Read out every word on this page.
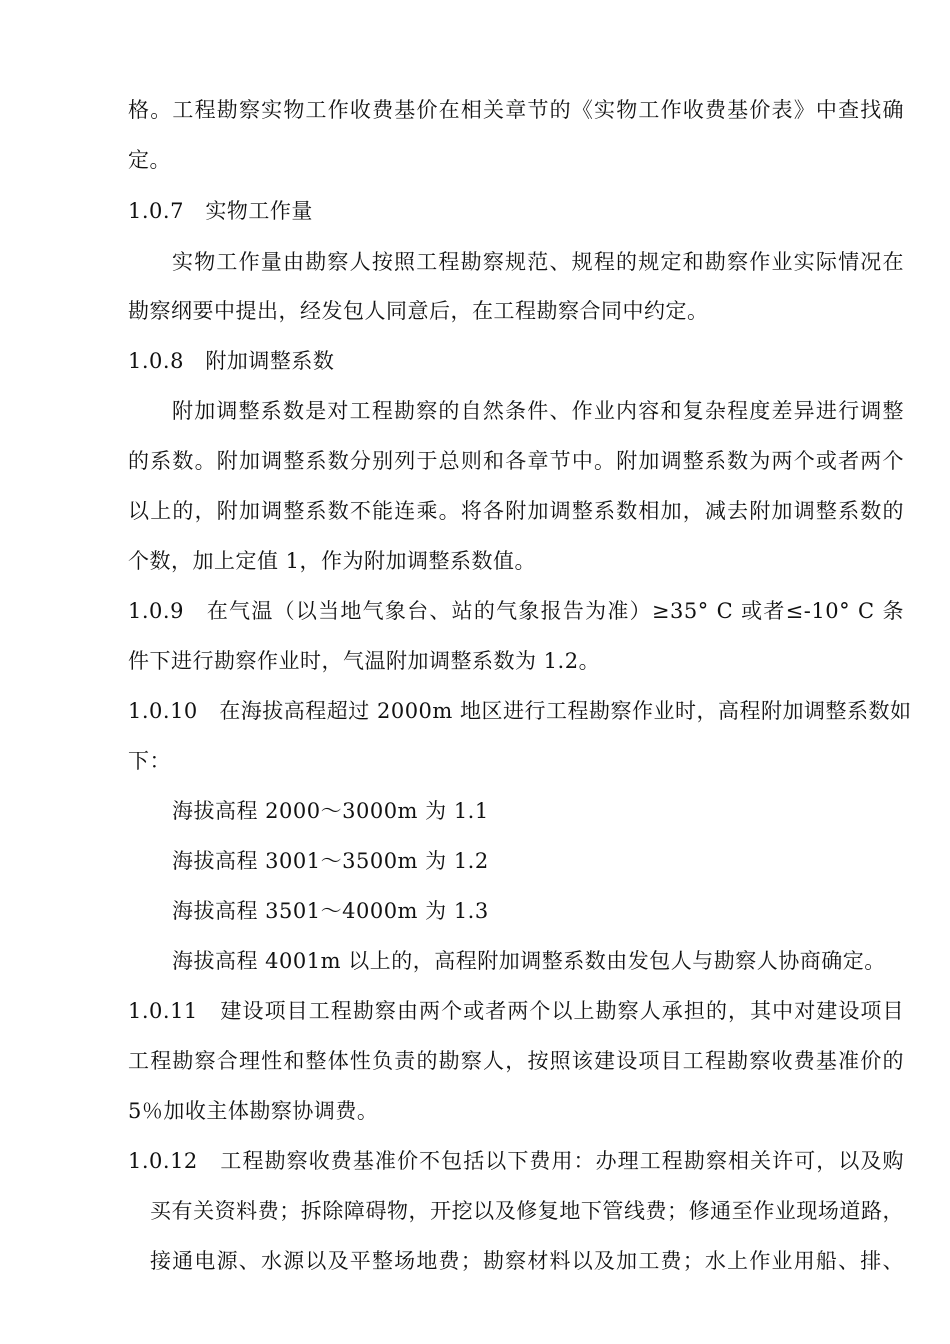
格。工程勘察实物工作收费基价在相关章节的《实物工作收费基价表》中查找确
定。
1.0.7　实物工作量
实物工作量由勘察人按照工程勘察规范、规程的规定和勘察作业实际情况在
勘察纲要中提出，经发包人同意后，在工程勘察合同中约定。
1.0.8　附加调整系数
附加调整系数是对工程勘察的自然条件、作业内容和复杂程度差异进行调整
的系数。附加调整系数分别列于总则和各章节中。附加调整系数为两个或者两个
以上的，附加调整系数不能连乘。将各附加调整系数相加，减去附加调整系数的
个数，加上定值 1，作为附加调整系数值。
1.0.9　在气温（以当地气象台、站的气象报告为准）≥35° C 或者≤-10° C 条
件下进行勘察作业时，气温附加调整系数为 1.2。
1.0.10　在海拔高程超过 2000m 地区进行工程勘察作业时，高程附加调整系数如
下：
海拔高程 2000～3000m 为 1.1
海拔高程 3001～3500m 为 1.2
海拔高程 3501～4000m 为 1.3
海拔高程 4001m 以上的，高程附加调整系数由发包人与勘察人协商确定。
1.0.11　建设项目工程勘察由两个或者两个以上勘察人承担的，其中对建设项目
工程勘察合理性和整体性负责的勘察人，按照该建设项目工程勘察收费基准价的
5％加收主体勘察协调费。
1.0.12　工程勘察收费基准价不包括以下费用：办理工程勘察相关许可，以及购
买有关资料费；拆除障碍物，开挖以及修复地下管线费；修通至作业现场道路，
接通电源、水源以及平整场地费；勘察材料以及加工费；水上作业用船、排、
